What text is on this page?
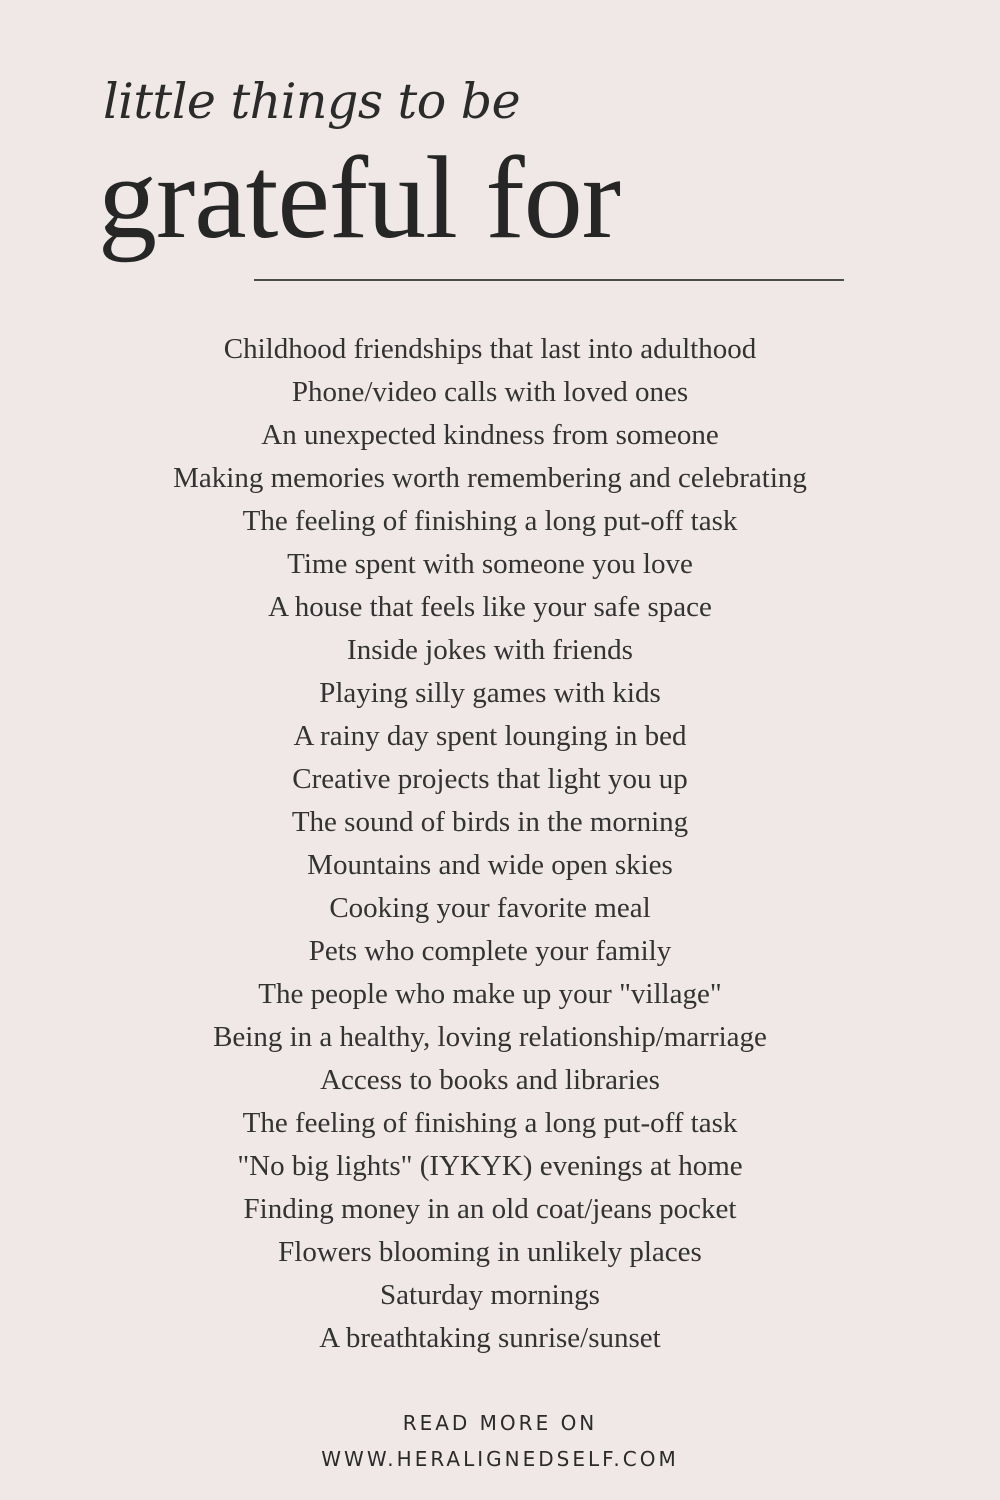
little things to be
grateful for
Childhood friendships that last into adulthood
Phone/video calls with loved ones
An unexpected kindness from someone
Making memories worth remembering and celebrating
The feeling of finishing a long put-off task
Time spent with someone you love
A house that feels like your safe space
Inside jokes with friends
Playing silly games with kids
A rainy day spent lounging in bed
Creative projects that light you up
The sound of birds in the morning
Mountains and wide open skies
Cooking your favorite meal
Pets who complete your family
The people who make up your "village"
Being in a healthy, loving relationship/marriage
Access to books and libraries
The feeling of finishing a long put-off task
"No big lights" (IYKYK) evenings at home
Finding money in an old coat/jeans pocket
Flowers blooming in unlikely places
Saturday mornings
A breathtaking sunrise/sunset
READ MORE ON
WWW.HERALIGNEDSELF.COM
